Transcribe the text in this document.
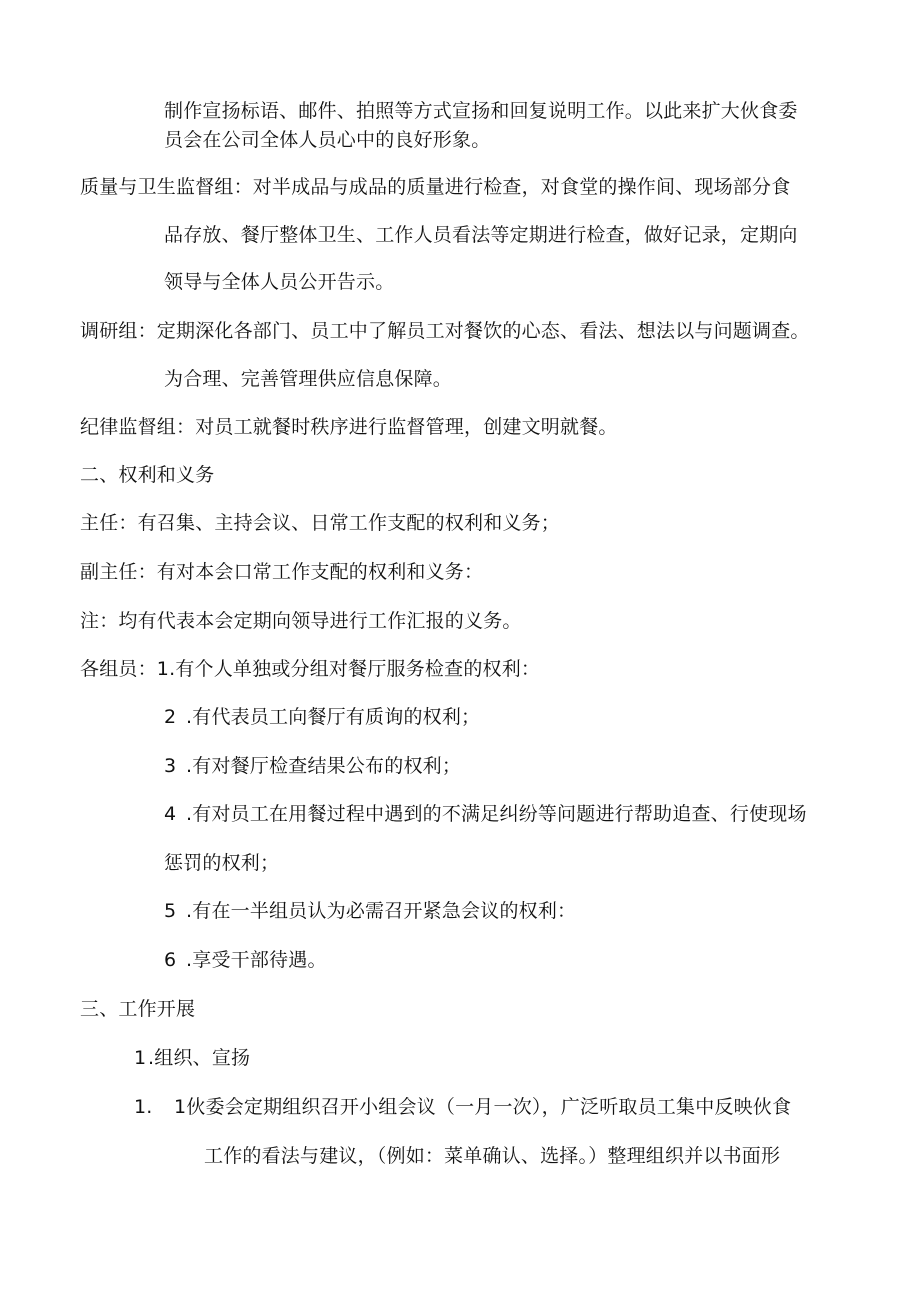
制作宣扬标语、邮件、拍照等方式宣扬和回复说明工作。以此来扩大伙食委
员会在公司全体人员心中的良好形象。
质量与卫生监督组：对半成品与成品的质量进行检查，对食堂的操作间、现场部分食
品存放、餐厅整体卫生、工作人员看法等定期进行检查，做好记录，定期向
领导与全体人员公开告示。
调研组：定期深化各部门、员工中了解员工对餐饮的心态、看法、想法以与问题调查。
为合理、完善管理供应信息保障。
纪律监督组：对员工就餐时秩序进行监督管理，创建文明就餐。
二、权利和义务
主任：有召集、主持会议、日常工作支配的权利和义务；
副主任：有对本会口常工作支配的权利和义务：
注：均有代表本会定期向领导进行工作汇报的义务。
各组员：1.有个人单独或分组对餐厅服务检查的权利：
2 .有代表员工向餐厅有质询的权利；
3 .有对餐厅检查结果公布的权利；
4 .有对员工在用餐过程中遇到的不满足纠纷等问题进行帮助追查、行使现场
惩罚的权利；
5 .有在一半组员认为必需召开紧急会议的权利：
6 .享受干部待遇。
三、工作开展
1.组织、宣扬
1. 1伙委会定期组织召开小组会议（一月一次），广泛听取员工集中反映伙食
工作的看法与建议，（例如：菜单确认、选择。）整理组织并以书面形
